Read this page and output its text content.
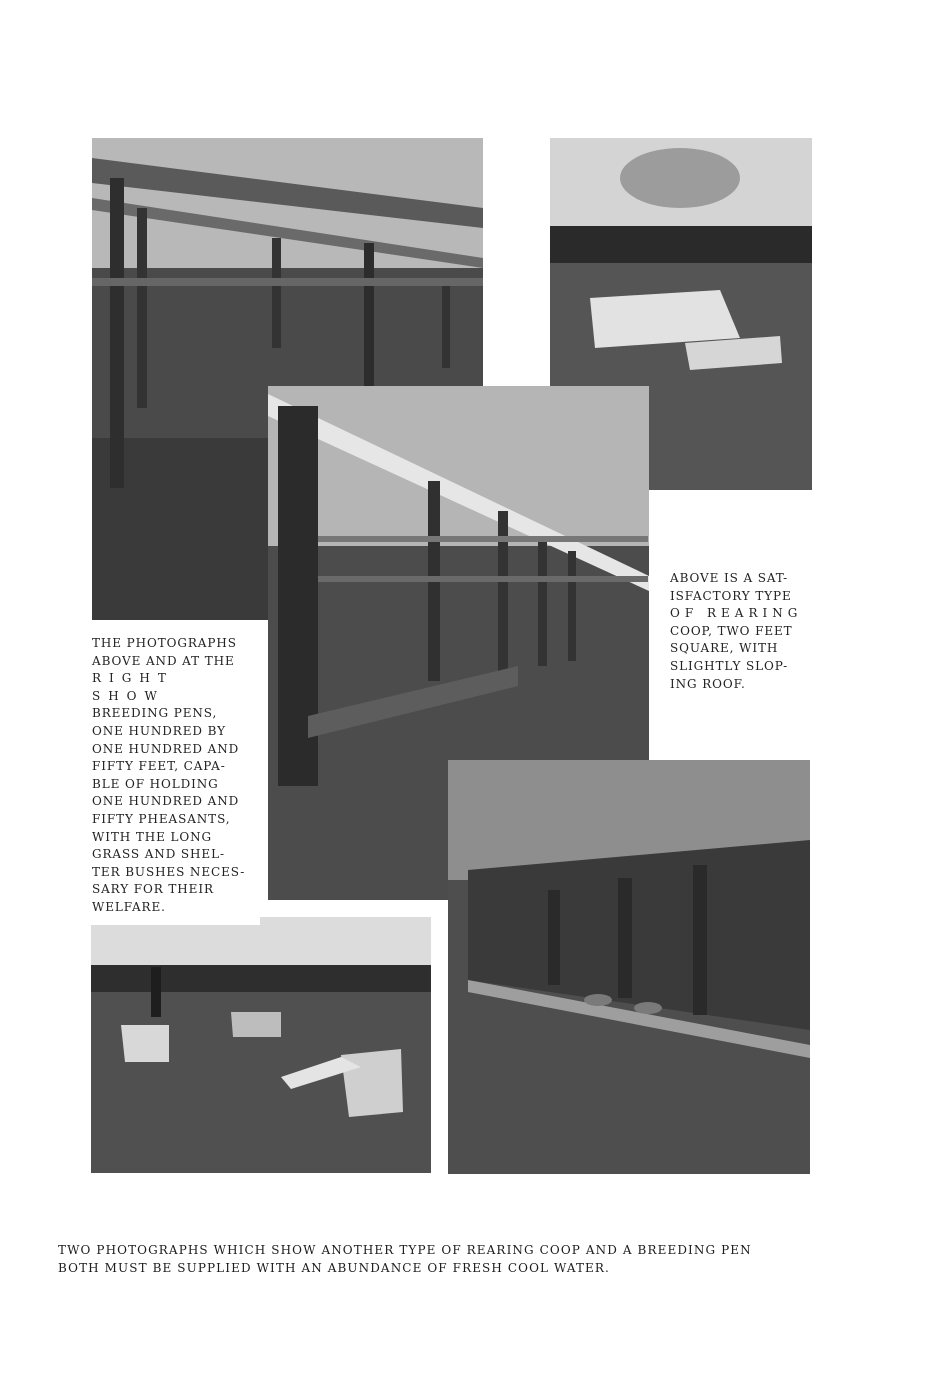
THE PHOTOGRAPHS
ABOVE AND AT THE
RIGHT SHOW
BREEDING PENS,
ONE HUNDRED BY
ONE HUNDRED AND
FIFTY FEET, CAPA-
BLE OF HOLDING
ONE HUNDRED AND
FIFTY PHEASANTS,
WITH THE LONG
GRASS AND SHEL-
TER BUSHES NECES-
SARY FOR THEIR
WELFARE.
ABOVE IS A SAT-
ISFACTORY TYPE
OF REARING
COOP, TWO FEET
SQUARE, WITH
SLIGHTLY SLOP-
ING ROOF.
TWO PHOTOGRAPHS WHICH SHOW ANOTHER TYPE OF REARING COOP AND A BREEDING PEN
BOTH MUST BE SUPPLIED WITH AN ABUNDANCE OF FRESH COOL WATER.
